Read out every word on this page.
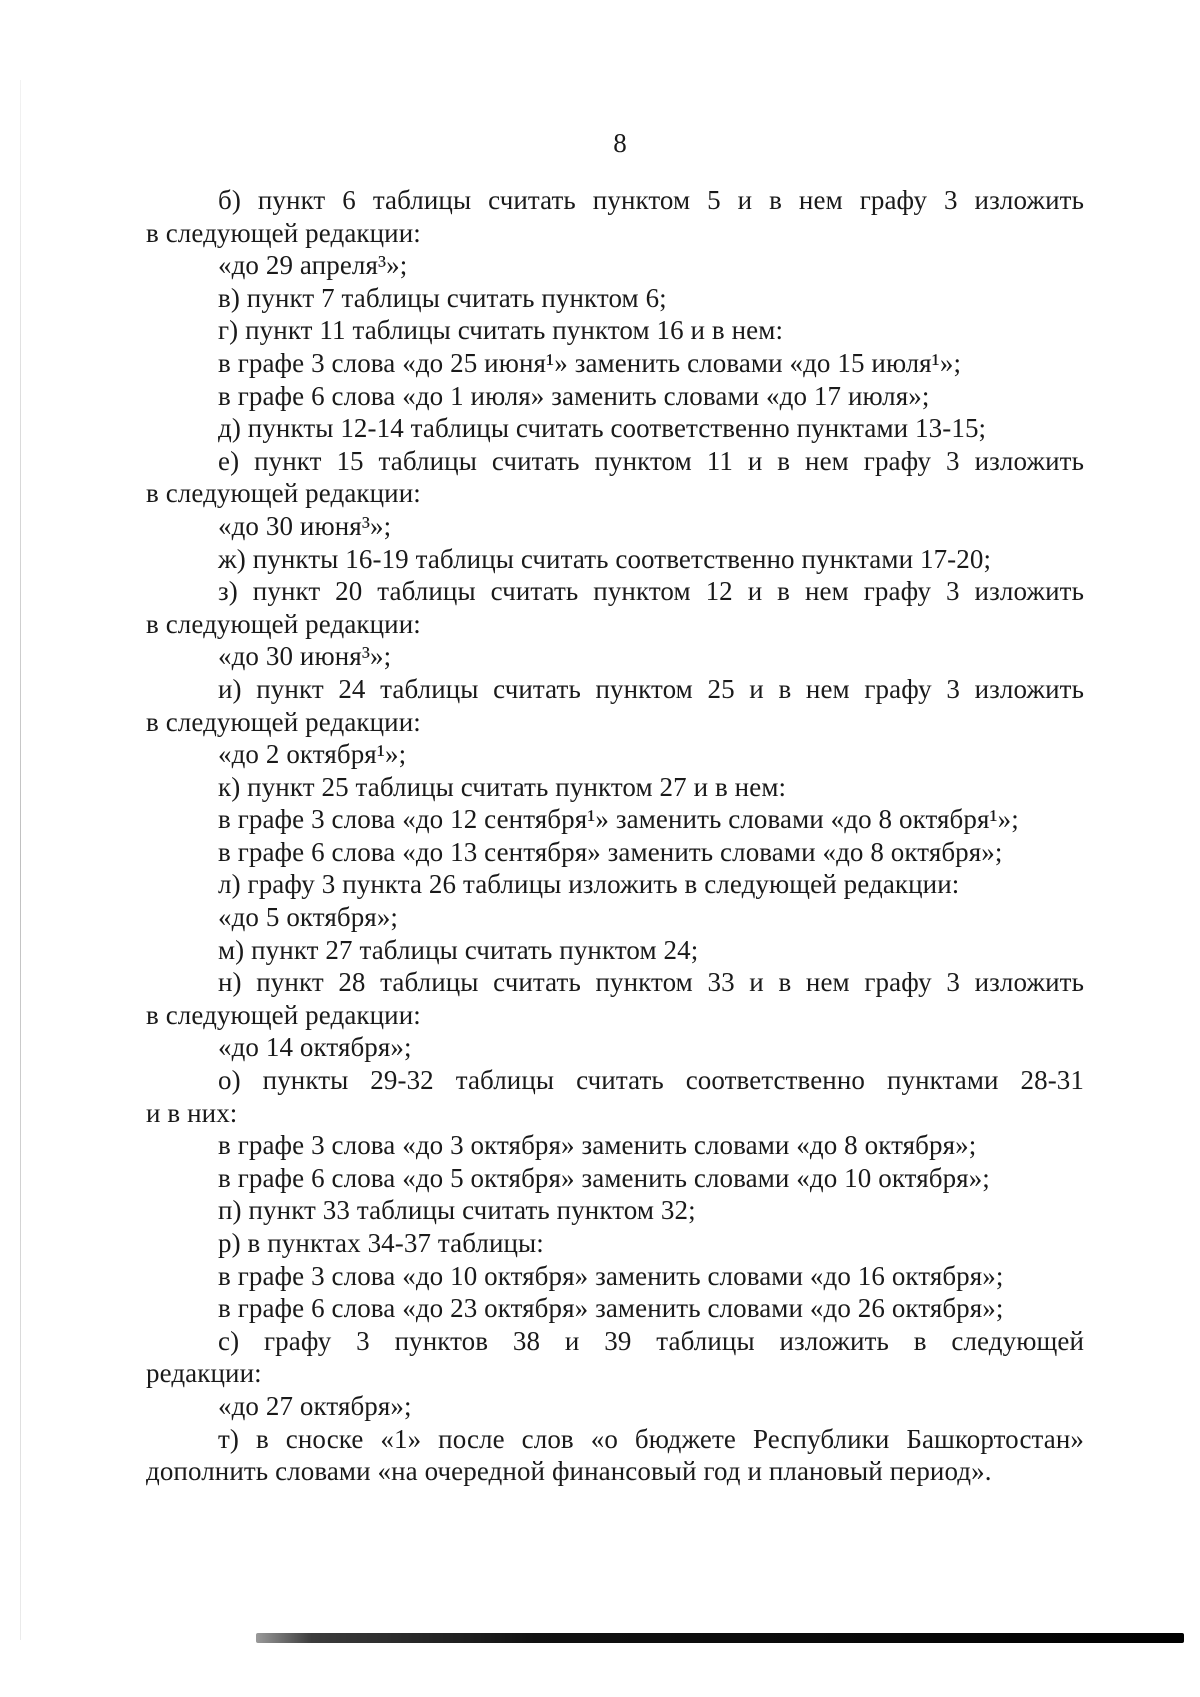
8
б) пункт 6 таблицы считать пунктом 5 и в нем графу 3 изложить
в следующей редакции:
«до 29 апреля³»;
в) пункт 7 таблицы считать пунктом 6;
г) пункт 11 таблицы считать пунктом 16 и в нем:
в графе 3 слова «до 25 июня¹» заменить словами «до 15 июля¹»;
в графе 6 слова «до 1 июля» заменить словами «до 17 июля»;
д) пункты 12-14 таблицы считать соответственно пунктами 13-15;
е) пункт 15 таблицы считать пунктом 11 и в нем графу 3 изложить
в следующей редакции:
«до 30 июня³»;
ж) пункты 16-19 таблицы считать соответственно пунктами 17-20;
з) пункт 20 таблицы считать пунктом 12 и в нем графу 3 изложить
в следующей редакции:
«до 30 июня³»;
и) пункт 24 таблицы считать пунктом 25 и в нем графу 3 изложить
в следующей редакции:
«до 2 октября¹»;
к) пункт 25 таблицы считать пунктом 27 и в нем:
в графе 3 слова «до 12 сентября¹» заменить словами «до 8 октября¹»;
в графе 6 слова «до 13 сентября» заменить словами «до 8 октября»;
л) графу 3 пункта 26 таблицы изложить в следующей редакции:
«до 5 октября»;
м) пункт 27 таблицы считать пунктом 24;
н) пункт 28 таблицы считать пунктом 33 и в нем графу 3 изложить
в следующей редакции:
«до 14 октября»;
о) пункты 29-32 таблицы считать соответственно пунктами 28-31
и в них:
в графе 3 слова «до 3 октября» заменить словами «до 8 октября»;
в графе 6 слова «до 5 октября» заменить словами «до 10 октября»;
п) пункт 33 таблицы считать пунктом 32;
р) в пунктах 34-37 таблицы:
в графе 3 слова «до 10 октября» заменить словами «до 16 октября»;
в графе 6 слова «до 23 октября» заменить словами «до 26 октября»;
с) графу 3 пунктов 38 и 39 таблицы изложить в следующей
редакции:
«до 27 октября»;
т) в сноске «1» после слов «о бюджете Республики Башкортостан»
дополнить словами «на очередной финансовый год и плановый период».
